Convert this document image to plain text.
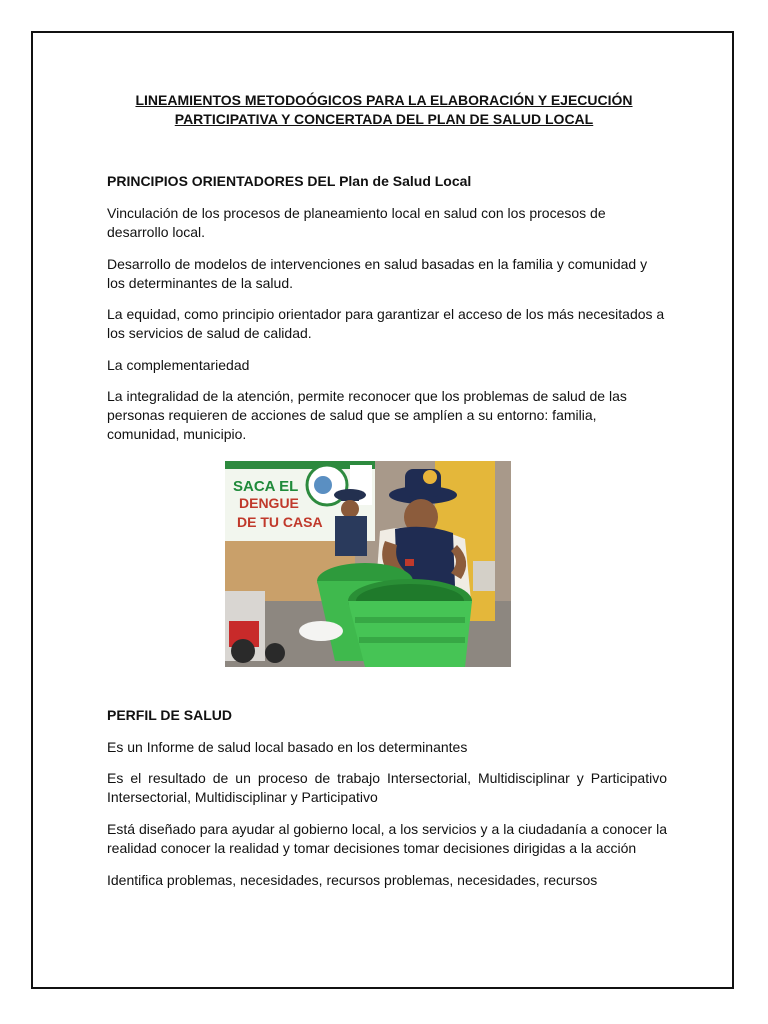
LINEAMIENTOS METODOÓGICOS PARA LA ELABORACIÓN Y EJECUCIÓN
PARTICIPATIVA Y CONCERTADA DEL PLAN DE SALUD LOCAL
PRINCIPIOS ORIENTADORES DEL Plan de Salud Local
Vinculación de los procesos de planeamiento local en salud con los procesos de desarrollo local.
Desarrollo de modelos de intervenciones en salud basadas en la familia y comunidad y los determinantes de la salud.
La equidad, como principio orientador para garantizar el acceso de los más necesitados a los servicios de salud de calidad.
La complementariedad
La integralidad de la atención, permite reconocer que los problemas de salud de las personas requieren de acciones de salud que se amplíen a su entorno: familia, comunidad, municipio.
SACA EL
DENGUE
DE TU CASA
PERFIL DE SALUD
Es un Informe de salud local basado en los determinantes
Es el resultado de un proceso de trabajo Intersectorial, Multidisciplinar y Participativo Intersectorial, Multidisciplinar y Participativo
Está diseñado para ayudar al gobierno local, a los servicios y a la ciudadanía a conocer la realidad conocer la realidad y tomar decisiones tomar decisiones dirigidas a la acción
Identifica problemas, necesidades, recursos problemas, necesidades, recursos
